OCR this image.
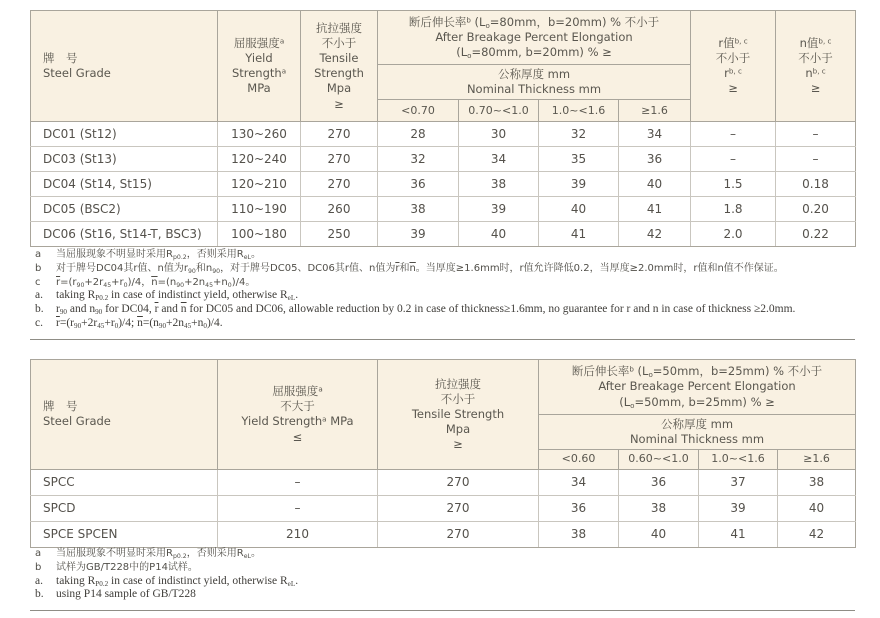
牌　号
Steel Grade	屈服强度$^a$
Yield
Strength$^a$
MPa	抗拉强度
不小于
Tensile
Strength
Mpa
≥	断后伸长率$^b$ ($L_o=80mm$，b=20mm) % 不小于
After Breakage Percent Elongation
($L_o=80mm$, b=20mm) % ≥	r值$^{b, c}$
不小于
$r^{b, c}$
≥	n值$^{b, c}$
不小于
$n^{b, c}$
≥
			公称厚度 mm
Nominal Thickness mm					
			<0.70	0.70~<1.0	1.0~<1.6	≥1.6		
DC01 (St12)	130~260	270	28	30	32	34	–	–
DC03 (St13)	120~240	270	32	34	35	36	–	–
DC04 (St14, St15)	120~210	270	36	38	39	40	1.5	0.18
DC05 (BSC2)	110~190	260	38	39	40	41	1.8	0.20
DC06 (St16, St14-T, BSC3)	100~180	250	39	40	41	42	2.0	0.22
a	当屈服现象不明显时采用$R_{p0.2}$，否则采用$R_{eL}$。
b	对于牌号DC04其r值、n值为$r_{90}$和$n_{90}$，对于牌号DC05、DC06其r值、n值为$\overline{r}$和$\overline{n}$。当厚度≥1.6mm时，r值允许降低0.2，当厚度≥2.0mm时，r值和n值不作保证。
c	$\overline{r}=(r_{90}+2r_{45}+r_0)/4$，$\overline{n}=(n_{90}+2n_{45}+n_0)/4$。
a.	taking $R_{P0.2}$ in case of indistinct yield, otherwise $R_{eL}$.
b.	$r_{90}$ and $n_{90}$ for DC04, $\overline{r}$ and $\overline{n}$ for DC05 and DC06, allowable reduction by 0.2 in case of thickness≥1.6mm, no guarantee for r and n in case of thickness ≥2.0mm.
c.	$\overline{r}=(r_{90}+2r_{45}+r_0)/4$; $\overline{n}=(n_{90}+2n_{45}+n_0)/4$.
牌　号
Steel Grade	屈服强度$^a$
不大于
Yield Strength$^a$ MPa
≤	抗拉强度
不小于
Tensile Strength
Mpa
≥	断后伸长率$^b$ ($L_o=50mm$，b=25mm) % 不小于
After Breakage Percent Elongation
($L_o=50mm$, b=25mm) % ≥			
			公称厚度 mm
Nominal Thickness mm			
			<0.60	0.60~<1.0	1.0~<1.6	≥1.6
SPCC	–	270	34	36	37	38
SPCD	–	270	36	38	39	40
SPCE SPCEN	210	270	38	40	41	42
a	当屈服现象不明显时采用$R_{p0.2}$，否则采用$R_{eL}$。
b	试样为GB/T228中的P14试样。
a.	taking $R_{P0.2}$ in case of indistinct yield, otherwise $R_{eL}$.
b.	using P14 sample of GB/T228
